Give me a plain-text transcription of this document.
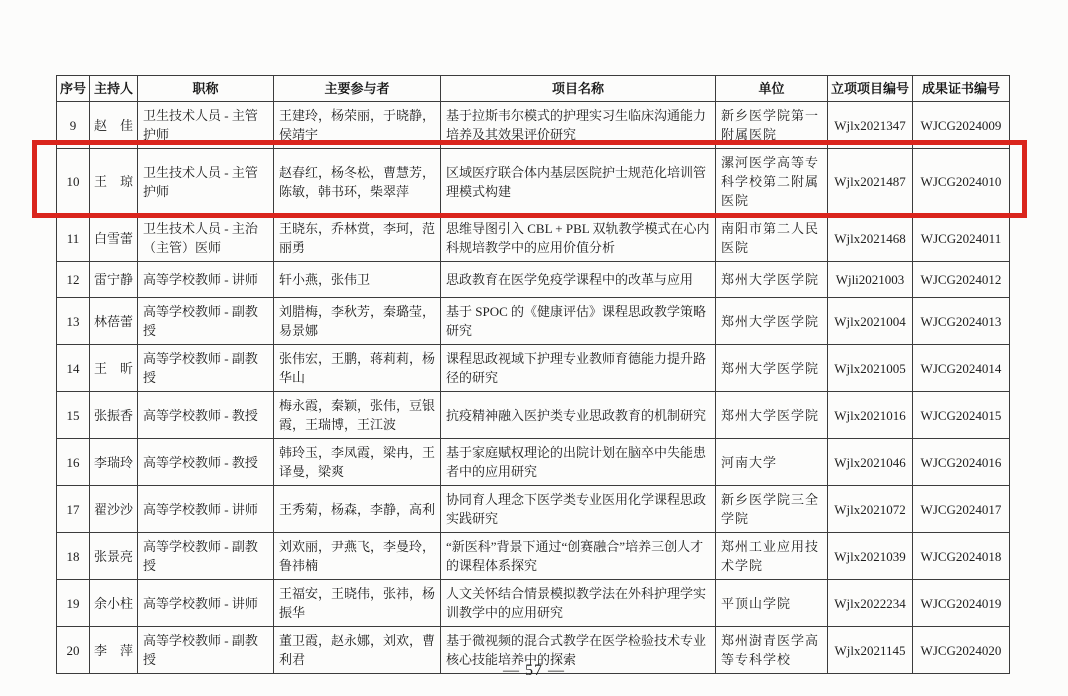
序号	主持人	职称	主要参与者	项目名称	单位	立项项目编号	成果证书编号
9	赵　佳	卫生技术人员 - 主管护师	王建玲，杨荣丽，于晓静，侯靖宇	基于拉斯韦尔模式的护理实习生临床沟通能力培养及其效果评价研究	新乡医学院第一附属医院	Wjlx2021347	WJCG2024009
10	王　琼	卫生技术人员 - 主管护师	赵春红，杨冬松，曹慧芳，陈敏，韩书环，柴翠萍	区域医疗联合体内基层医院护士规范化培训管理模式构建	漯河医学高等专科学校第二附属医院	Wjlx2021487	WJCG2024010
11	白雪蕾	卫生技术人员 - 主治（主管）医师	王晓东，乔林赏，李珂，范丽勇	思维导图引入 CBL + PBL 双轨教学模式在心内科规培教学中的应用价值分析	南阳市第二人民医院	Wjlx2021468	WJCG2024011
12	雷宁静	高等学校教师 - 讲师	轩小燕，张伟卫	思政教育在医学免疫学课程中的改革与应用	郑州大学医学院	Wjli2021003	WJCG2024012
13	林蓓蕾	高等学校教师 - 副教授	刘腊梅，李秋芳，秦璐莹，易景娜	基于 SPOC 的《健康评估》课程思政教学策略研究	郑州大学医学院	Wjlx2021004	WJCG2024013
14	王　昕	高等学校教师 - 副教授	张伟宏，王鹏，蒋莉莉，杨华山	课程思政视域下护理专业教师育德能力提升路径的研究	郑州大学医学院	Wjlx2021005	WJCG2024014
15	张振香	高等学校教师 - 教授	梅永霞，秦颖，张伟，豆银霞，王瑞博，王江波	抗疫精神融入医护类专业思政教育的机制研究	郑州大学医学院	Wjlx2021016	WJCG2024015
16	李瑞玲	高等学校教师 - 教授	韩玲玉，李凤霞，梁冉，王译曼，梁爽	基于家庭赋权理论的出院计划在脑卒中失能患者中的应用研究	河南大学	Wjlx2021046	WJCG2024016
17	翟沙沙	高等学校教师 - 讲师	王秀菊，杨森，李静，高利	协同育人理念下医学类专业医用化学课程思政实践研究	新乡医学院三全学院	Wjlx2021072	WJCG2024017
18	张景亮	高等学校教师 - 副教授	刘欢丽，尹燕飞，李曼玲，鲁祎楠	“新医科”背景下通过“创赛融合”培养三创人才的课程体系探究	郑州工业应用技术学院	Wjlx2021039	WJCG2024018
19	余小柱	高等学校教师 - 讲师	王福安，王晓伟，张祎，杨振华	人文关怀结合情景模拟教学法在外科护理学实训教学中的应用研究	平顶山学院	Wjlx2022234	WJCG2024019
20	李　萍	高等学校教师 - 副教授	董卫霞，赵永娜，刘欢，曹利君	基于微视频的混合式教学在医学检验技术专业核心技能培养中的探索	郑州澍青医学高等专科学校	Wjlx2021145	WJCG2024020
— 57 —
